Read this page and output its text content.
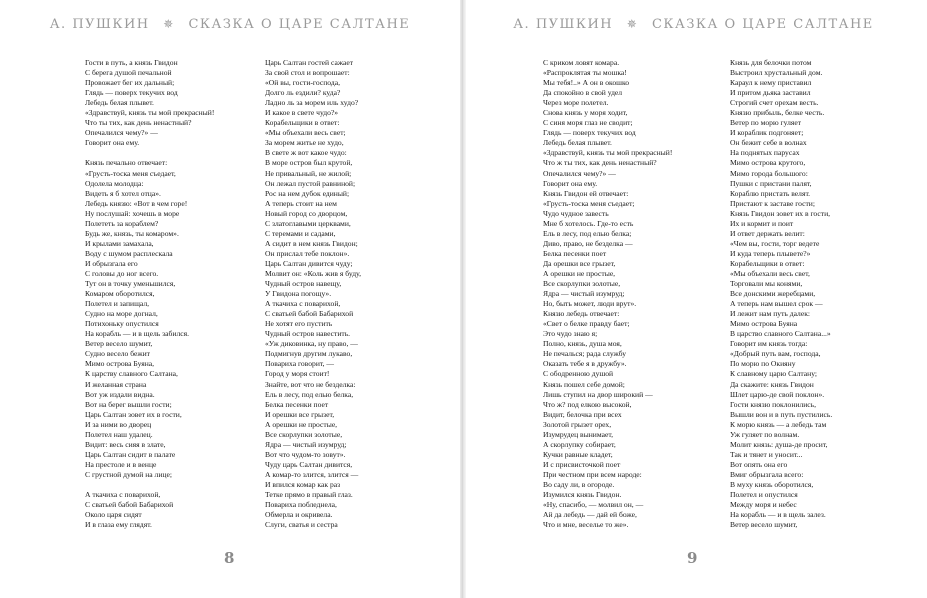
А. ПУШКИН ✵ СКАЗКА О ЦАРЕ САЛТАНЕ
Гости в путь, а князь Гвидон
С берега душой печальной
Провожает бег их дальный;
Глядь — поверх текучих вод
Лебедь белая плывет.
«Здравствуй, князь ты мой прекрасный!
Что ты тих, как день ненастный?
Опечалился чему?» —
Говорит она ему.
Князь печально отвечает:
«Грусть-тоска меня съедает,
Одолела молодца:
Видеть я б хотел отца».
Лебедь князю: «Вот в чем горе!
Ну послушай: хочешь в море
Полететь за кораблем?
Будь же, князь, ты комаром».
И крылами замахала,
Воду с шумом расплескала
И обрызгала его
С головы до ног всего.
Тут он в точку уменьшился,
Комаром оборотился,
Полетел и запищал,
Судно на море догнал,
Потихоньку опустился
На корабль — и в щель забился.
Ветер весело шумит,
Судно весело бежит
Мимо острова Буяна,
К царству славного Салтана,
И желанная страна
Вот уж издали видна.
Вот на берег вышли гости;
Царь Салтан зовет их в гости,
И за ними во дворец
Полетел наш удалец.
Видит: весь сияя в злате,
Царь Салтан сидит в палате
На престоле и в венце
С грустной думой на лице;
А ткачиха с поварихой,
С сватьей бабой Бабарихой
Около царя сидят
И в глаза ему глядят.
Царь Салтан гостей сажает
За свой стол и вопрошает:
«Ой вы, гости-господа,
Долго ль ездили? куда?
Ладно ль за морем иль худо?
И какое в свете чудо?»
Корабельщики в ответ:
«Мы объехали весь свет;
За морем житье не худо,
В свете ж вот какое чудо:
В море остров был крутой,
Не привальный, не жилой;
Он лежал пустой равниной;
Рос на нем дубок единый;
А теперь стоит на нем
Новый город со дворцом,
С златоглавыми церквами,
С теремами и садами,
А сидит в нем князь Гвидон;
Он прислал тебе поклон».
Царь Салтан дивится чуду;
Молвит он: «Коль жив я буду,
Чудный остров навещу,
У Гвидона погощу».
А ткачиха с поварихой,
С сватьей бабой Бабарихой
Не хотят его пустить
Чудный остров навестить.
«Уж диковинка, ну право, —
Подмигнув другим лукаво,
Повариха говорит, —
Город у моря стоит!
Знайте, вот что не безделка:
Ель в лесу, под елью белка,
Белка песенки поет
И орешки все грызет,
А орешки не простые,
Все скорлупки золотые,
Ядра — чистый изумруд;
Вот что чудом-то зовут».
Чуду царь Салтан дивится,
А комар-то злится, злится —
И впился комар как раз
Тетке прямо в правый глаз.
Повариха побледнела,
Обмерла и окривела.
Слуги, сватья и сестра
8
А. ПУШКИН ✵ СКАЗКА О ЦАРЕ САЛТАНЕ
С криком ловят комара.
«Распроклятая ты мошка!
Мы тебя!..» А он в окошко
Да спокойно в свой удел
Через море полетел.
Снова князь у моря ходит,
С синя моря глаз не сводит;
Глядь — поверх текучих вод
Лебедь белая плывет.
«Здравствуй, князь ты мой прекрасный!
Что ж ты тих, как день ненастный?
Опечалился чему?» —
Говорит она ему.
Князь Гвидон ей отвечает:
«Грусть-тоска меня съедает;
Чудо чудное завесть
Мне б хотелось. Где-то есть
Ель в лесу, под елью белка;
Диво, право, не безделка —
Белка песенки поет
Да орешки все грызет,
А орешки не простые,
Все скорлупки золотые,
Ядра — чистый изумруд;
Но, быть может, люди врут».
Князю лебедь отвечает:
«Свет о белке правду бает;
Это чудо знаю я;
Полно, князь, душа моя,
Не печалься; рада службу
Оказать тебе я в дружбу».
С ободренною душой
Князь пошел себе домой;
Лишь ступил на двор широкий —
Что ж? под елкою высокой,
Видит, белочка при всех
Золотой грызет орех,
Изумрудец вынимает,
А скорлупку собирает,
Кучки равные кладет,
И с присвисточкой поет
При честном при всем народе:
Во саду ли, в огороде.
Изумился князь Гвидон.
«Ну, спасибо, — молвил он, —
Ай да лебедь — дай ей боже,
Что и мне, веселье то же».
Князь для белочки потом
Выстроил хрустальный дом.
Караул к нему приставил
И притом дьяка заставил
Строгий счет орехам весть.
Князю прибыль, белке честь.
Ветер по морю гуляет
И кораблик подгоняет;
Он бежит себе в волнах
На поднятых парусах
Мимо острова крутого,
Мимо города большого:
Пушки с пристани палят,
Кораблю пристать велят.
Пристают к заставе гости;
Князь Гвидон зовет их в гости,
Их и кормит и поит
И ответ держать велит:
«Чем вы, гости, торг ведете
И куда теперь плывете?»
Корабельщики в ответ:
«Мы объехали весь свет,
Торговали мы конями,
Все донскими жеребцами,
А теперь нам вышел срок —
И лежит нам путь далек:
Мимо острова Буяна
В царство славного Салтана...»
Говорит им князь тогда:
«Добрый путь вам, господа,
По морю по Окияну
К славному царю Салтану;
Да скажите: князь Гвидон
Шлет царю-де свой поклон».
Гости князю поклонились,
Вышли вон и в путь пустились.
К морю князь — а лебедь там
Уж гуляет по волнам.
Молит князь: душа-де просит,
Так и тянет и уносит...
Вот опять она его
Вмиг обрызгала всего:
В муху князь оборотился,
Полетел и опустился
Между моря и небес
На корабль — и в щель залез.
Ветер весело шумит,
9
